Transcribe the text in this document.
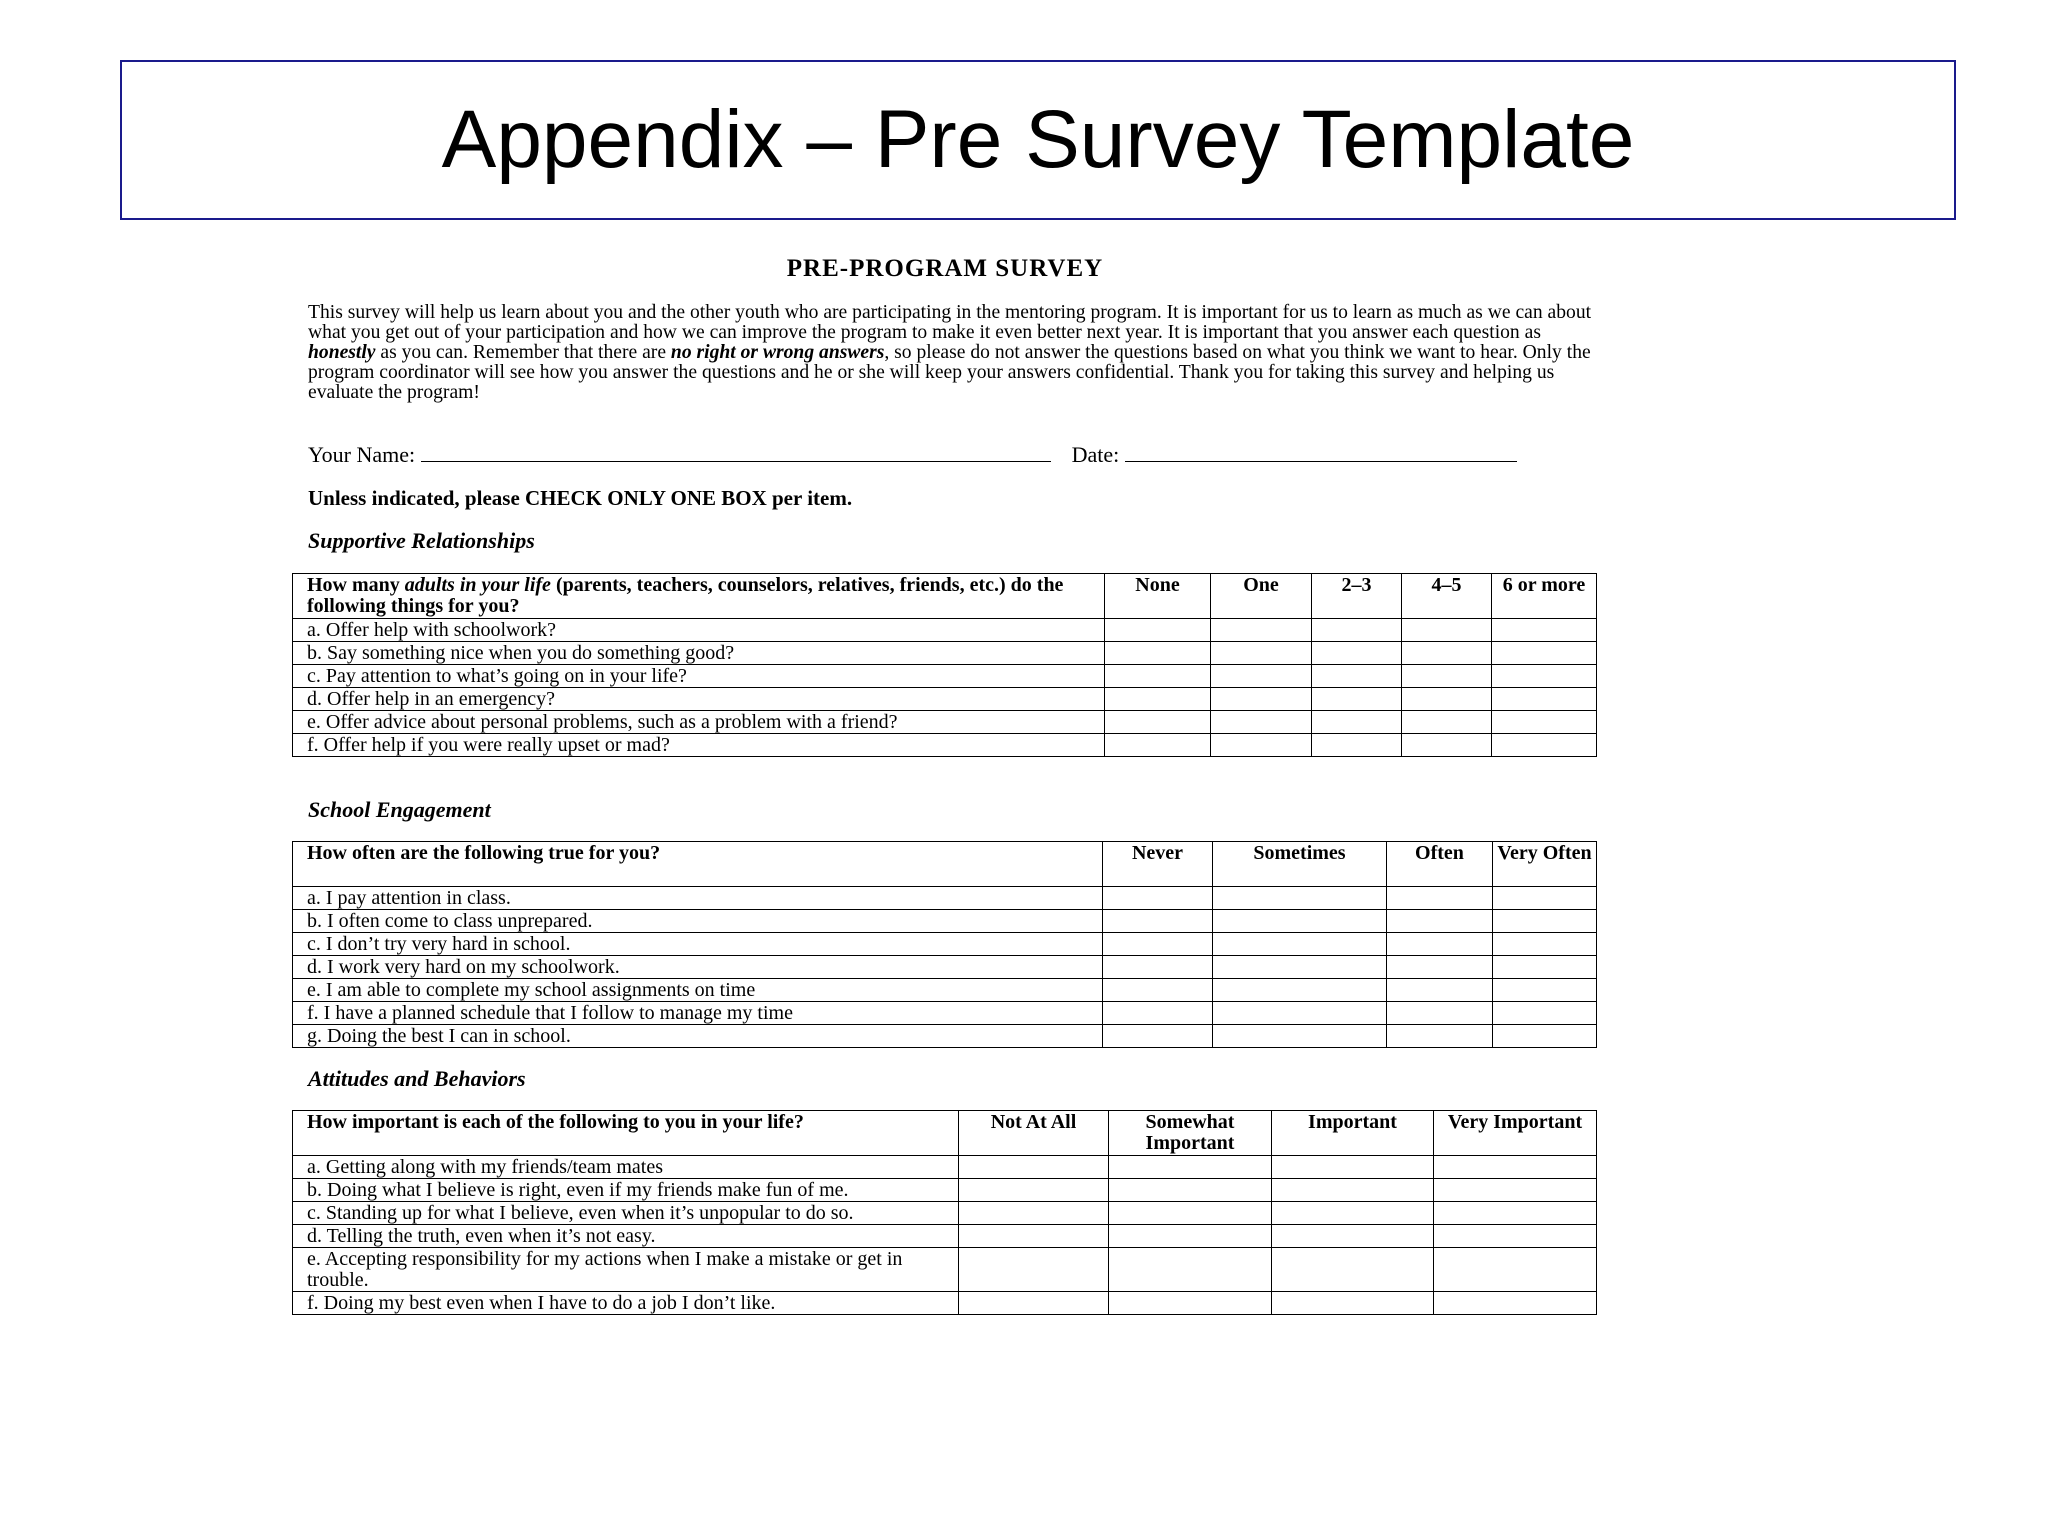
Appendix – Pre Survey Template
PRE-PROGRAM SURVEY

This survey will help us learn about you and the other youth who are participating in the mentoring program. It is important for us to learn as much as we can about what you get out of your participation and how we can improve the program to make it even better next year. It is important that you answer each question as honestly as you can. Remember that there are no right or wrong answers, so please do not answer the questions based on what you think we want to hear. Only the program coordinator will see how you answer the questions and he or she will keep your answers confidential. Thank you for taking this survey and helping us evaluate the program!

Your Name:	Date:
Unless indicated, please CHECK ONLY ONE BOX per item.
Supportive Relationships
How many adults in your life (parents, teachers, counselors, relatives, friends, etc.) do the following things for you?	None	One	2–3	4–5	6 or more
a. Offer help with schoolwork?					
b. Say something nice when you do something good?					
c. Pay attention to what’s going on in your life?					
d. Offer help in an emergency?					
e. Offer advice about personal problems, such as a problem with a friend?					
f. Offer help if you were really upset or mad?					
School Engagement
How often are the following true for you?	Never	Sometimes	Often	Very Often
a. I pay attention in class.				
b. I often come to class unprepared.				
c. I don’t try very hard in school.				
d. I work very hard on my schoolwork.				
e. I am able to complete my school assignments on time				
f. I have a planned schedule that I follow to manage my time				
g. Doing the best I can in school.				
Attitudes and Behaviors
How important is each of the following to you in your life?	Not At All	Somewhat Important	Important	Very Important
a. Getting along with my friends/team mates				
b. Doing what I believe is right, even if my friends make fun of me.				
c. Standing up for what I believe, even when it’s unpopular to do so.				
d. Telling the truth, even when it’s not easy.				
e. Accepting responsibility for my actions when I make a mistake or get in trouble.				
f. Doing my best even when I have to do a job I don’t like.				
